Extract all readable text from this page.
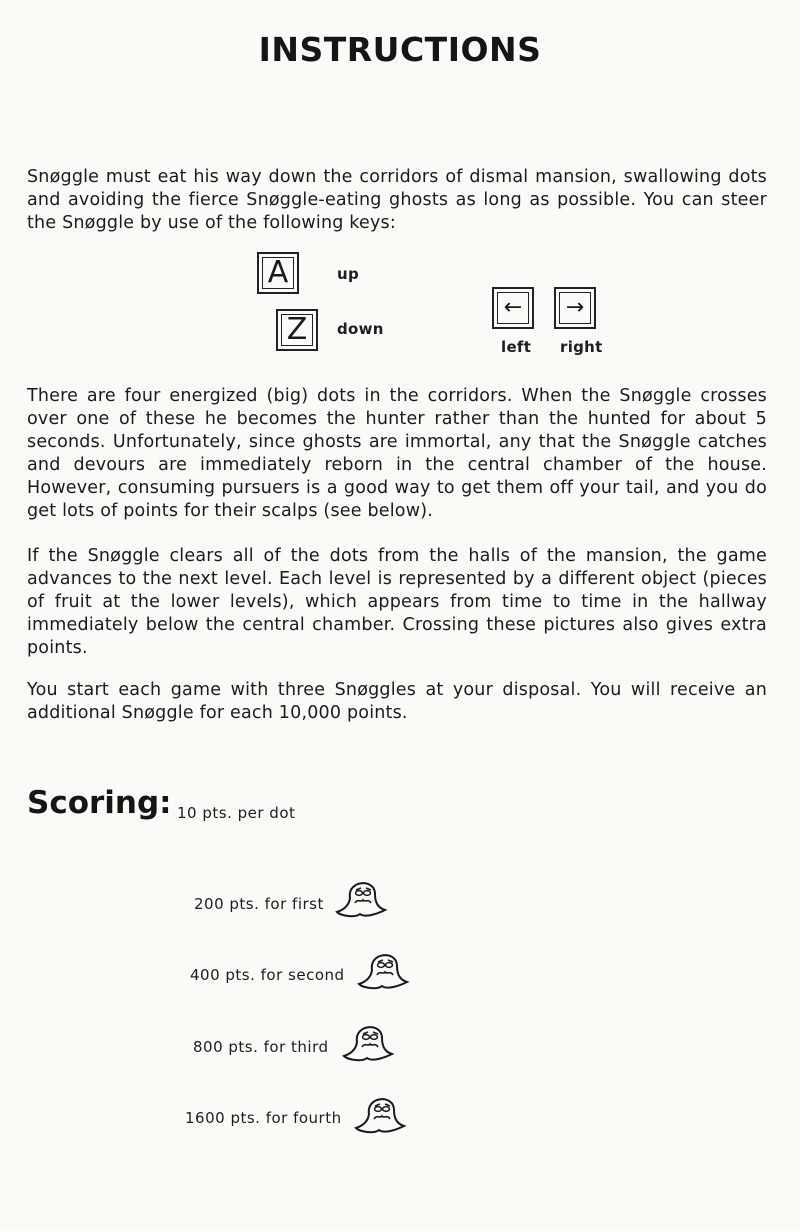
INSTRUCTIONS

Snøggle must eat his way down the corridors of dismal mansion, swallowing dots and avoiding the fierce Snøggle-eating ghosts as long as possible. You can steer the Snøggle by use of the following keys:

A	up
Z down
←
left
→
right

There are four energized (big) dots in the corridors. When the Snøggle crosses over one of these he becomes the hunter rather than the hunted for about 5 seconds. Unfortunately, since ghosts are immortal, any that the Snøggle catches and devours are immediately reborn in the central chamber of the house. However, consuming pursuers is a good way to get them off your tail, and you do get lots of points for their scalps (see below).

If the Snøggle clears all of the dots from the halls of the mansion, the game advances to the next level. Each level is represented by a different object (pieces of fruit at the lower levels), which appears from time to time in the hallway immediately below the central chamber. Crossing these pictures also gives extra points.

You start each game with three Snøggles at your disposal. You will receive an additional Snøggle for each 10,000 points.

Scoring: 10 pts. per dot
200 pts. for first
400 pts. for second
800 pts. for third
1600 pts. for fourth
